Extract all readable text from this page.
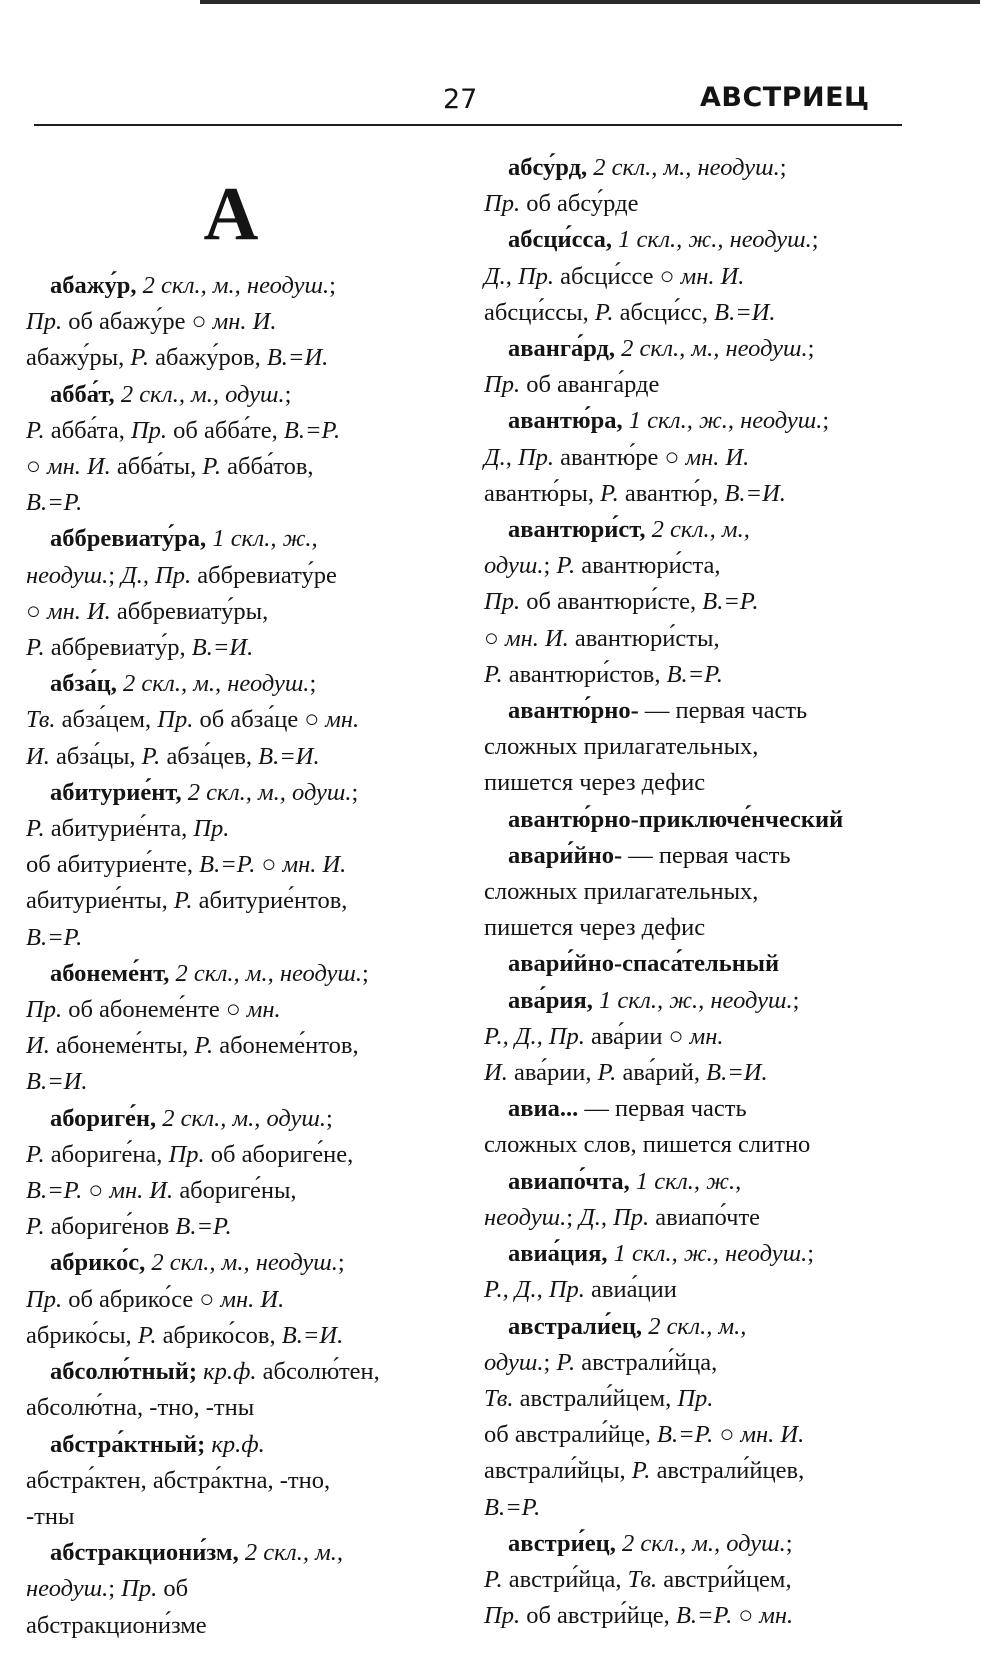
27	АВСТРИЕЦ
А
абажу́р, 2 скл., м., неодуш.;
Пр. об абажу́ре ○ мн. И.
абажу́ры, Р. абажу́ров, В.=И.
абба́т, 2 скл., м., одуш.;
Р. абба́та, Пр. об абба́те, В.=Р.
○ мн. И. абба́ты, Р. абба́тов,
В.=Р.
аббревиату́ра, 1 скл., ж.,
неодуш.; Д., Пр. аббревиату́ре
○ мн. И. аббревиату́ры,
Р. аббревиату́р, В.=И.
абза́ц, 2 скл., м., неодуш.;
Тв. абза́цем, Пр. об абза́це ○ мн.
И. абза́цы, Р. абза́цев, В.=И.
абитурие́нт, 2 скл., м., одуш.;
Р. абитурие́нта, Пр.
об абитурие́нте, В.=Р. ○ мн. И.
абитурие́нты, Р. абитурие́нтов,
В.=Р.
абонеме́нт, 2 скл., м., неодуш.;
Пр. об абонеме́нте ○ мн.
И. абонеме́нты, Р. абонеме́нтов,
В.=И.
абориге́н, 2 скл., м., одуш.;
Р. абориге́на, Пр. об абориге́не,
В.=Р. ○ мн. И. абориге́ны,
Р. абориге́нов В.=Р.
абрико́с, 2 скл., м., неодуш.;
Пр. об абрико́се ○ мн. И.
абрико́сы, Р. абрико́сов, В.=И.
абсолю́тный; кр.ф. абсолю́тен,
абсолю́тна, -тно, -тны
абстра́ктный; кр.ф.
абстра́ктен, абстра́ктна, -тно,
-тны
абстракциони́зм, 2 скл., м.,
неодуш.; Пр. об
абстракциони́зме
абсу́рд, 2 скл., м., неодуш.;
Пр. об абсу́рде
абсци́сса, 1 скл., ж., неодуш.;
Д., Пр. абсци́ссе ○ мн. И.
абсци́ссы, Р. абсци́сс, В.=И.
аванга́рд, 2 скл., м., неодуш.;
Пр. об аванга́рде
авантю́ра, 1 скл., ж., неодуш.;
Д., Пр. авантю́ре ○ мн. И.
авантю́ры, Р. авантю́р, В.=И.
авантюри́ст, 2 скл., м.,
одуш.; Р. авантюри́ста,
Пр. об авантюри́сте, В.=Р.
○ мн. И. авантюри́сты,
Р. авантюри́стов, В.=Р.
авантю́рно- — первая часть
сложных прилагательных,
пишется через дефис
авантю́рно-приключе́нческий
авари́йно- — первая часть
сложных прилагательных,
пишется через дефис
авари́йно-спаса́тельный
ава́рия, 1 скл., ж., неодуш.;
Р., Д., Пр. ава́рии ○ мн.
И. ава́рии, Р. ава́рий, В.=И.
авиа... — первая часть
сложных слов, пишется слитно
авиапо́чта, 1 скл., ж.,
неодуш.; Д., Пр. авиапо́чте
авиа́ция, 1 скл., ж., неодуш.;
Р., Д., Пр. авиа́ции
австрали́ец, 2 скл., м.,
одуш.; Р. австрали́йца,
Тв. австрали́йцем, Пр.
об австрали́йце, В.=Р. ○ мн. И.
австрали́йцы, Р. австрали́йцев,
В.=Р.
австри́ец, 2 скл., м., одуш.;
Р. австри́йца, Тв. австри́йцем,
Пр. об австри́йце, В.=Р. ○ мн.
